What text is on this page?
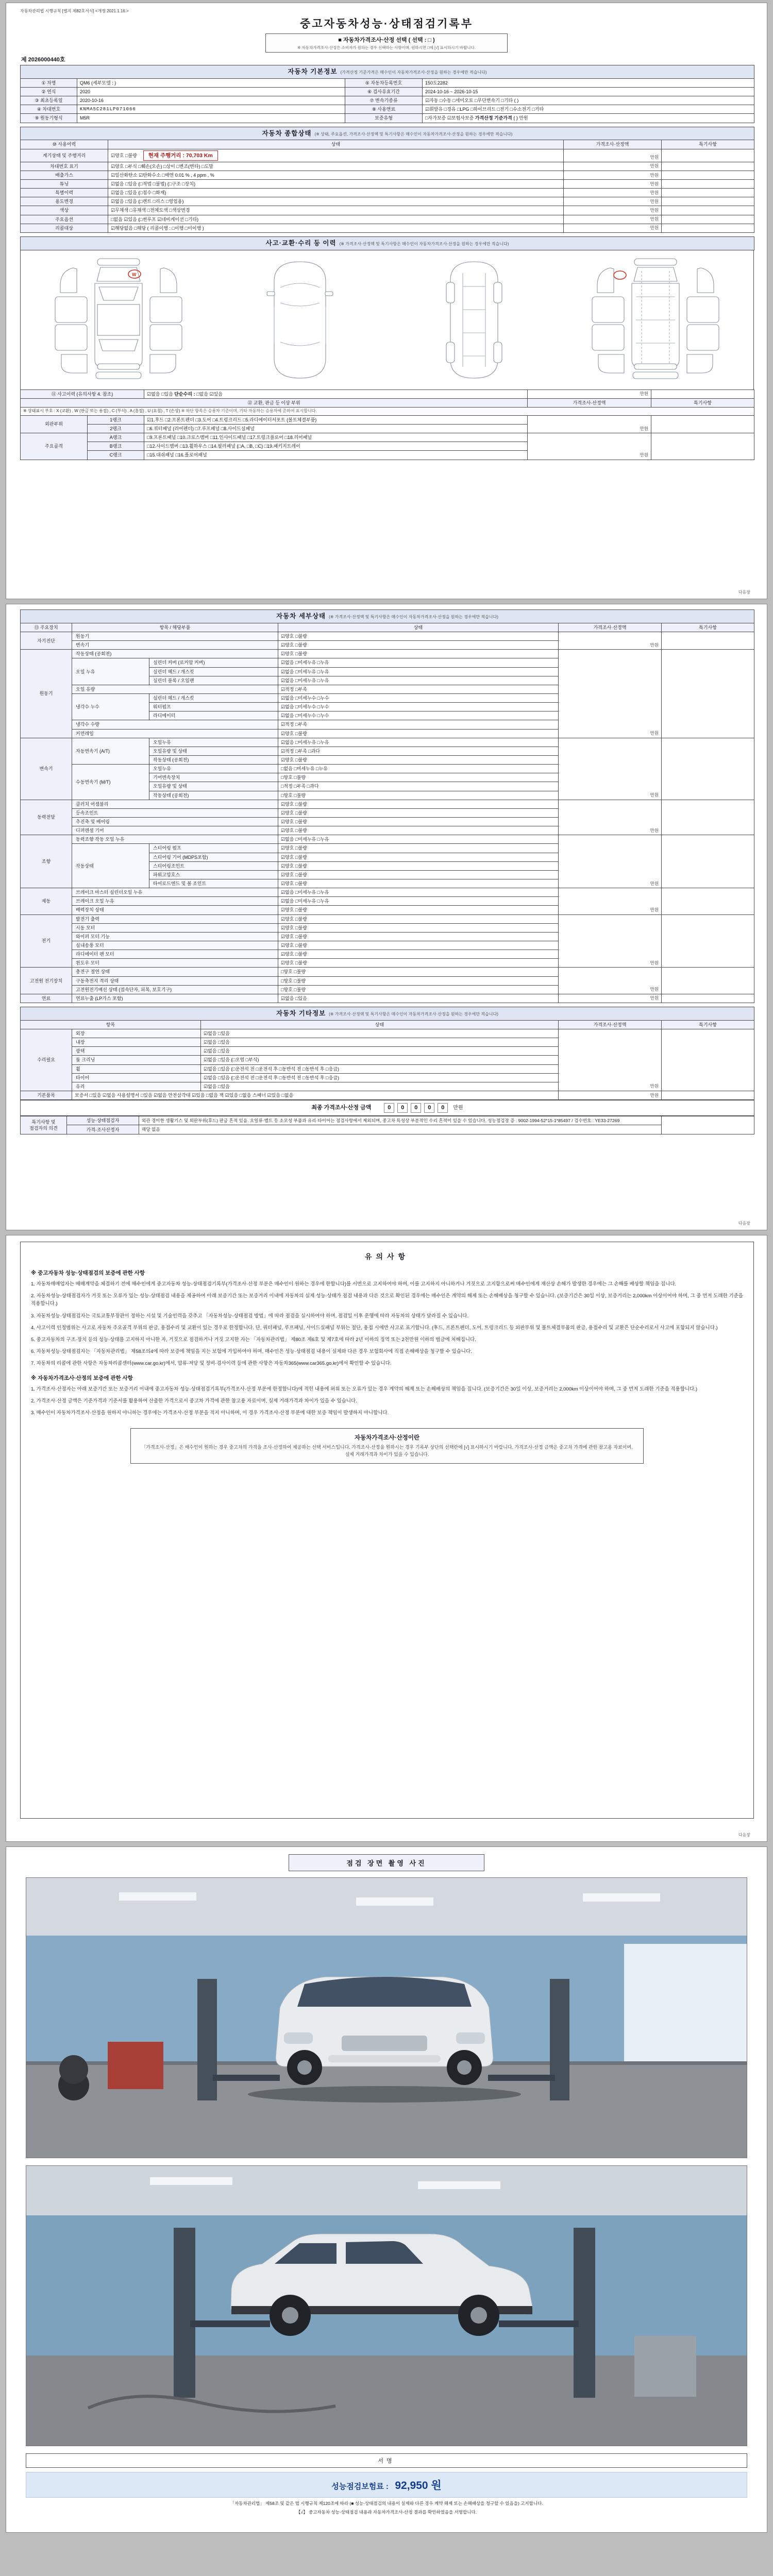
자동차관리법 시행규칙 [별지 제82호서식] <개정 2021.1.16.>
중고자동차성능·상태점검기록부
■ 자동차가격조사·산정 선택 ( 선택 : □ )
※ 자동차가격조사·산정은 소비자가 원하는 경우 선택하는 사항이며, 원하시면 □에 [√] 표시하시기 바랍니다.
제 2026000440호
자동차 기본정보 (가격산정 기준가격은 매수인이 자동차가격조사·산정을 원하는 경우에만 적습니다)			
① 차명	QM6 (세부모델 : )	⑤ 자동차등록번호	150도2282
② 연식	2020	⑥ 검사유효기간	2024-10-16 ~ 2026-10-15
③ 최초등록일	2020-10-16	⑦ 변속기종류	☑자동 □수동 □세미오토 □무단변속기 □기타 ( )
④ 차대번호	KNMA5C281LP071066	⑧ 사용연료	☑휘발유 □경유 □LPG □하이브리드 □전기 □수소전기 □기타
⑨ 원동기형식	M5R	보증유형	□자가보증 ☑보험사보증 가격산정 기준가격 ( ) 만원
자동차 종합상태 (※ 상태, 주요옵션, 가격조사·산정액 및 특기사항은 매수인이 자동차가격조사·산정을 원하는 경우에만 적습니다)			
⑩ 사용이력	상태	가격조사·산정액	특기사항
계기상태 및 주행거리	☑양호 □불량 현재 주행거리 : 70,703 Km	만원	
차대번호 표기	☑양호 □부식 □훼손(오손) □상이 □변조(변타) □도말	만원	
배출가스	☑일산화탄소 ☑탄화수소 □매연 0.01 % , 4 ppm , %	만원	
튜닝	☑없음 □있음 (□적법 □불법) (□구조 □장치)	만원	
특별이력	☑없음 □있음 (□침수 □화재)	만원	
용도변경	☑없음 □있음 (□렌트 □리스 □영업용)	만원	
색상	☑무채색 □유채색 □전체도색 □색상변경	만원	
주요옵션	□없음 ☑있음 (□썬루프 ☑네비게이션 □기타)	만원	
리콜대상	☑해당없음 □해당 ( 리콜이행 : □이행 □미이행 )	만원	
사고·교환·수리 등 이력 (※ 가격조사·산정액 및 특기사항은 매수인이 자동차가격조사·산정을 원하는 경우에만 적습니다)
W
⑪ 사고이력 (유의사항 4. 참조)		☑없음 □있음 단순수리 : □없음 ☑있음	만원	
⑫ 교환, 판금 등 이상 부위			가격조사·산정액	특기사항
※ 상태표시 부호 : X (교환) , W (판금 또는 용접) , C (부식) , A (흠집) , U (요철) , T (손상) ※ 하단 항목은 승용차 기준이며, 기타 자동차는 승용차에 준하여 표시합니다.				
외판부위	1랭크	☑1.후드 □2.프론트펜더 □3.도어 □4.트렁크리드 □5.라디에이터서포트 (볼트체결부품)	만원	
	2랭크	□6.쿼터패널 (리어펜더) □7.루프패널 □8.사이드실패널		
주요골격	A랭크	□9.프론트패널 □10.크로스멤버 □11.인사이드패널 □17.트렁크플로어 □18.리어패널	만원	
	B랭크	□12.사이드멤버 □13.휠하우스 □14.필러패널 (□A, □B, □C) □19.패키지트레이		
	C랭크	□15.대쉬패널 □16.플로어패널		
다음장
자동차 세부상태 (※ 가격조사·산정액 및 특기사항은 매수인이 자동차가격조사·산정을 원하는 경우에만 적습니다)					
⑬ 주요장치	항목 / 해당부품		상태	가격조사·산정액	특기사항
자기진단	원동기		☑양호 □불량	만원	
	변속기		☑양호 □불량		
원동기	작동상태 (공회전)		☑양호 □불량	만원	
	오일 누유	실린더 커버 (로커암 커버)	☑없음 □미세누유 □누유		
		실린더 헤드 / 개스킷	☑없음 □미세누유 □누유		
		실린더 블록 / 오일팬	☑없음 □미세누유 □누유		
	오일 유량		☑적정 □부족		
	냉각수 누수	실린더 헤드 / 개스킷	☑없음 □미세누수 □누수		
		워터펌프	☑없음 □미세누수 □누수		
		라디에이터	☑없음 □미세누수 □누수		
	냉각수 수량		☑적정 □부족		
	커먼레일		☑양호 □불량		
변속기	자동변속기 (A/T)	오일누유	☑없음 □미세누유 □누유	만원	
		오일유량 및 상태	☑적정 □부족 □과다		
		작동상태 (공회전)	☑양호 □불량		
	수동변속기 (M/T)	오일누유	□없음 □미세누유 □누유		
		기어변속장치	□양호 □불량		
		오일유량 및 상태	□적정 □부족 □과다		
		작동상태 (공회전)	□양호 □불량		
동력전달	클러치 어셈블리		☑양호 □불량	만원	
	등속조인트		☑양호 □불량		
	추진축 및 베어링		☑양호 □불량		
	디퍼렌셜 기어		☑양호 □불량		
조향	동력조향 작동 오일 누유		☑없음 □미세누유 □누유	만원	
	작동상태	스티어링 펌프	☑양호 □불량		
		스티어링 기어 (MDPS포함)	☑양호 □불량		
		스티어링조인트	☑양호 □불량		
		파워고압호스	☑양호 □불량		
		타이로드엔드 및 볼 조인트	☑양호 □불량		
제동	브레이크 마스터 실린더오일 누유		☑없음 □미세누유 □누유	만원	
	브레이크 오일 누유		☑없음 □미세누유 □누유		
	배력장치 상태		☑양호 □불량		
전기	발전기 출력		☑양호 □불량	만원	
	시동 모터		☑양호 □불량		
	와이퍼 모터 기능		☑양호 □불량		
	실내송풍 모터		☑양호 □불량		
	라디에이터 팬 모터		☑양호 □불량		
	윈도우 모터		☑양호 □불량		
고전원 전기장치	충전구 절연 상태		□양호 □불량	만원	
	구동축전지 격리 상태		□양호 □불량		
	고전원전기배선 상태 (접속단자, 피복, 보호기구)		□양호 □불량		
연료	연료누출 (LP가스 포함)		☑없음 □있음	만원	
자동차 기타정보 (※ 가격조사·산정액 및 특기사항은 매수인이 자동차가격조사·산정을 원하는 경우에만 적습니다)				
항목		상태	가격조사·산정액	특기사항
수리필요	외장	☑없음 □있음	만원	
	내장	☑없음 □있음		
	광택	☑없음 □있음		
	룸 크리닝	☑없음 □있음 (□오염 □부식)		
	휠	☑없음 □있음 (□운전석 전 □운전석 후 □동반석 전 □동반석 후 □응급)		
	타이어	☑없음 □있음 (□운전석 전 □운전석 후 □동반석 전 □동반석 후 □응급)		
	유리	☑없음 □있음		
기본품목	보증서 □있음 ☑없음 사용설명서 □있음 ☑없음 안전삼각대 ☑있음 □없음 잭 ☑있음 □없음 스패너 ☑있음 □없음		만원	
최종 가격조사·산정 금액	0 0 0 0 0 만원
특기사항 및 점검자의 의견	성능·상태점검자	외관 경미한 생활기스 및 외판부위(후드) 판금 흔적 있음. 오일류·벨트 등 소모성 부품과 유리·타이어는 점검사항에서 제외되며, 중고차 특성상 부분적인 수리 흔적이 있을 수 있습니다. 성능점검장 증 : 9002-1994-52*15-1*85497 / 검수번호 : YE33-27269	
	가격·조사산정자	해당 없음	
다음장
유의사항
※ 중고자동차 성능·상태점검의 보증에 관한 사항
1. 자동차매매업자는 매매계약을 체결하기 전에 매수인에게 중고자동차 성능·상태점검기록부(가격조사·산정 부분은 매수인이 원하는 경우에 한합니다)를 서면으로 고지하여야 하며, 이를 고지하지 아니하거나 거짓으로 고지함으로써 매수인에게 재산상 손해가 발생한 경우에는 그 손해를 배상할 책임을 집니다.
2. 자동차성능·상태점검자가 거짓 또는 오류가 있는 성능·상태점검 내용을 제공하여 아래 보증기간 또는 보증거리 이내에 자동차의 실제 성능·상태가 점검 내용과 다른 것으로 확인된 경우에는 매수인은 계약의 해제 또는 손해배상을 청구할 수 있습니다. (보증기간은 30일 이상, 보증거리는 2,000km 이상이어야 하며, 그 중 먼저 도래한 기준을 적용합니다.)
3. 자동차성능·상태점검자는 국토교통부장관이 정하는 시설 및 기술인력을 갖추고 「자동차성능·상태점검 방법」에 따라 점검을 실시하여야 하며, 점검일 이후 운행에 따라 자동차의 상태가 달라질 수 있습니다.
4. 사고이력 인정범위는 사고로 자동차 주요골격 부위의 판금, 용접수리 및 교환이 있는 경우로 한정합니다. 단, 쿼터패널, 루프패널, 사이드실패널 부위는 절단, 용접 시에만 사고로 표기합니다. (후드, 프론트펜더, 도어, 트렁크리드 등 외판부위 및 볼트체결부품의 판금, 용접수리 및 교환은 단순수리로서 사고에 포함되지 않습니다.)
5. 중고자동차의 구조·장치 등의 성능·상태를 고지하지 아니한 자, 거짓으로 점검하거나 거짓 고지한 자는 「자동차관리법」 제80조 제6호 및 제7호에 따라 2년 이하의 징역 또는 2천만원 이하의 벌금에 처해집니다.
6. 자동차성능·상태점검자는 「자동차관리법」 제58조의4에 따라 보증에 책임을 지는 보험에 가입하여야 하며, 매수인은 성능·상태점검 내용이 실제와 다른 경우 보험회사에 직접 손해배상을 청구할 수 있습니다.
7. 자동차의 리콜에 관한 사항은 자동차리콜센터(www.car.go.kr)에서, 압류·저당 및 정비·검사이력 등에 관한 사항은 자동차365(www.car365.go.kr)에서 확인할 수 있습니다.
※ 자동차가격조사·산정의 보증에 관한 사항
1. 가격조사·산정자는 아래 보증기간 또는 보증거리 이내에 중고자동차 성능·상태점검기록부(가격조사·산정 부분에 한정합니다)에 적힌 내용에 허위 또는 오류가 있는 경우 계약의 해제 또는 손해배상의 책임을 집니다. (보증기간은 30일 이상, 보증거리는 2,000km 이상이어야 하며, 그 중 먼저 도래한 기준을 적용합니다.)
2. 가격조사·산정 금액은 기준가격과 기준서를 활용하여 산출한 가격으로서 중고차 가격에 관한 참고용 자료이며, 실제 거래가격과 차이가 있을 수 있습니다.
3. 매수인이 자동차가격조사·산정을 원하지 아니하는 경우에는 가격조사·산정 부분을 적지 아니하며, 이 경우 가격조사·산정 부분에 대한 보증 책임이 발생하지 아니합니다.
자동차가격조사·산정이란
「가격조사·산정」은 매수인이 원하는 경우 중고차의 가격을 조사·산정하여 제공하는 선택 서비스입니다. 가격조사·산정을 원하시는 경우 기록부 상단의 선택란에 [√] 표시하시기 바랍니다. 가격조사·산정 금액은 중고차 가격에 관한 참고용 자료이며, 실제 거래가격과 차이가 있을 수 있습니다.
다음장
점검 장면 촬영 사진
서명
성능점검보험료 : 92,950 원
「자동차관리법」 제58조 및 같은 법 시행규칙 제120조에 따라 (■ 성능·상태점검의 내용이 실제와 다른 경우 계약 해제 또는 손해배상을 청구할 수 있음을) 고지합니다.
【√】 중고자동차 성능·상태점검 내용과 자동차가격조사·산정 결과를 확인하였음을 서명합니다.
